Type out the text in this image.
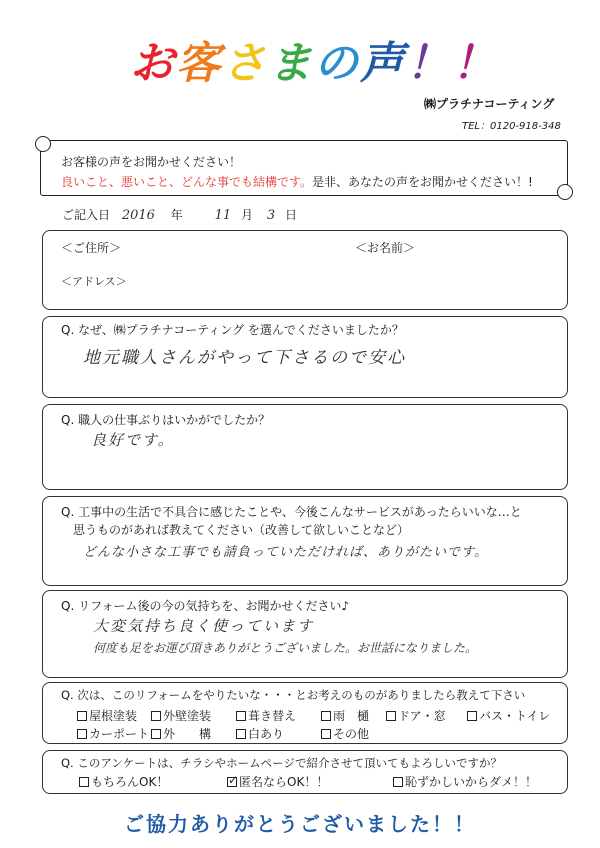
お客さまの声！！
㈱プラチナコーティング
TEL：0120-918-348
お客様の声をお聞かせください！
良いこと、悪いこと、どんな事でも結構です。是非、あなたの声をお聞かせください！!
ご記入日 2016 年 11 月 3 日
＜ご住所＞	＜お名前＞
＜アドレス＞
Q. なぜ、㈱プラチナコーティング を選んでくださいましたか？
地元職人さんがやって下さるので安心
Q. 職人の仕事ぶりはいかがでしたか？
良好です。
Q. 工事中の生活で不具合に感じたことや、今後こんなサービスがあったらいいな…と
思うものがあれば教えてください（改善して欲しいことなど）
どんな小さな工事でも請負っていただければ、ありがたいです。
Q. リフォーム後の今の気持ちを、お聞かせください♪
大変気持ち良く使っています
何度も足をお運び頂きありがとうございました。お世話になりました。
Q. 次は、このリフォームをやりたいな・・・とお考えのものがありましたら教えて下さい
屋根塗装	外壁塗装	葺き替え	雨　樋	ドア・窓	バス・トイレ
カーポート	外　　構	白あり	その他
Q. このアンケートは、チラシやホームページで紹介させて頂いてもよろしいですか？
もちろんOK！
✓	匿名ならOK！！	恥ずかしいからダメ！！
ご協力ありがとうございました！！
